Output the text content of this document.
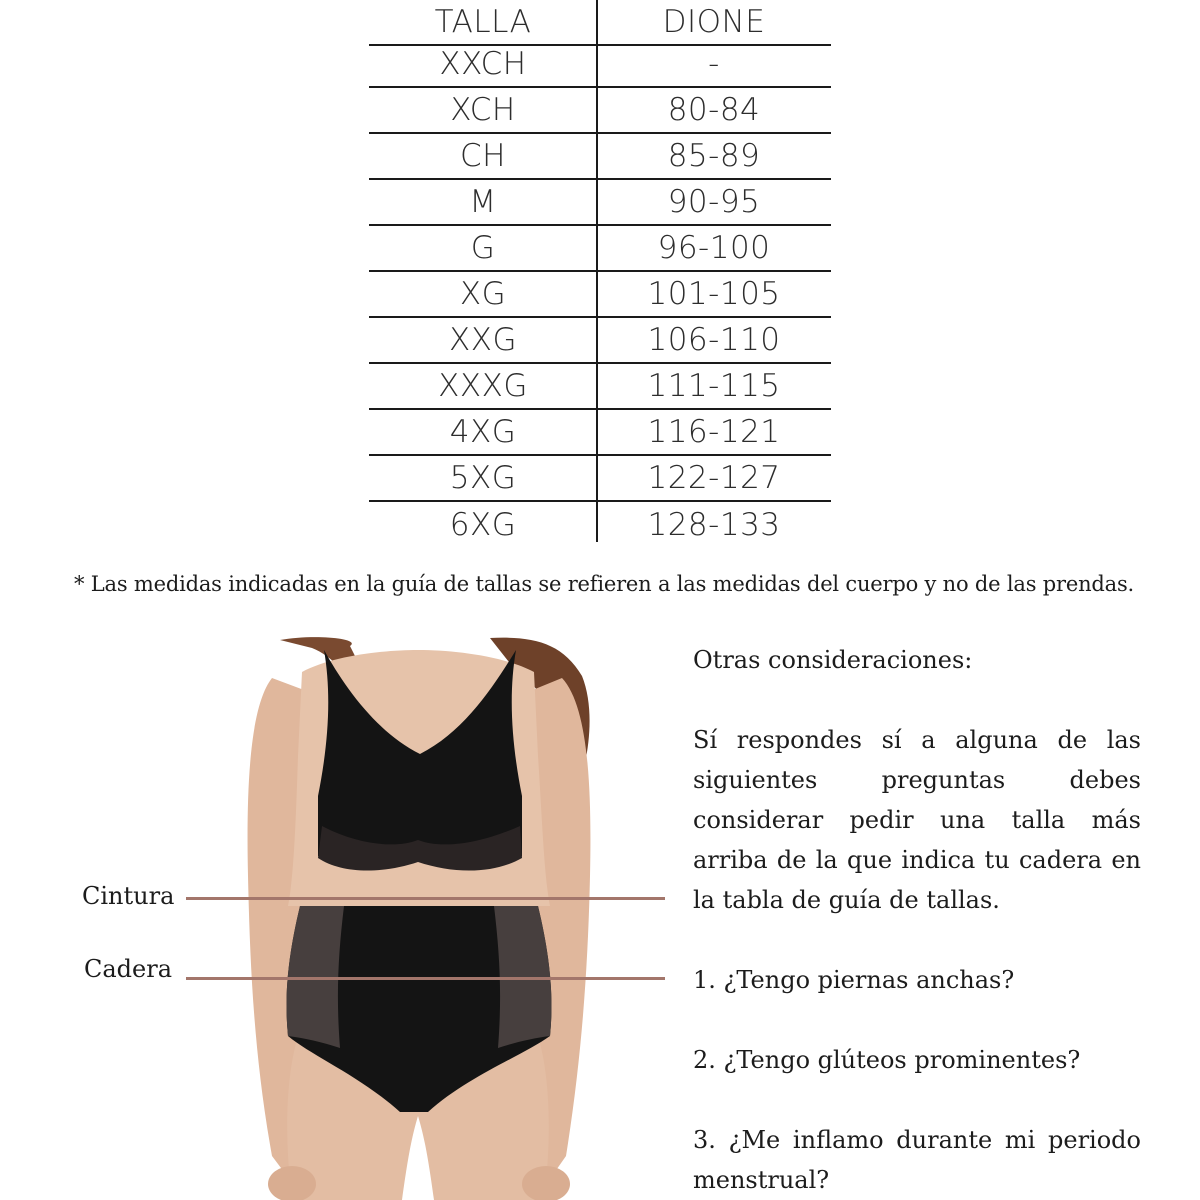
TALLA	DIONE
XXCH	-
XCH	80-84
CH	85-89
M	90-95
G	96-100
XG	101-105
XXG	106-110
XXXG	111-115
4XG	116-121
5XG	122-127
6XG	128-133
* Las medidas indicadas en la guía de tallas se refieren a las medidas del cuerpo y no de las prendas.
Cintura
Cadera

Otras consideraciones:

Sí respondes sí a alguna de las siguientes preguntas debes considerar pedir una talla más arriba de la que indica tu cadera en la tabla de guía de tallas.

1. ¿Tengo piernas anchas?

2. ¿Tengo glúteos prominentes?

3. ¿Me inflamo durante mi periodo menstrual?
